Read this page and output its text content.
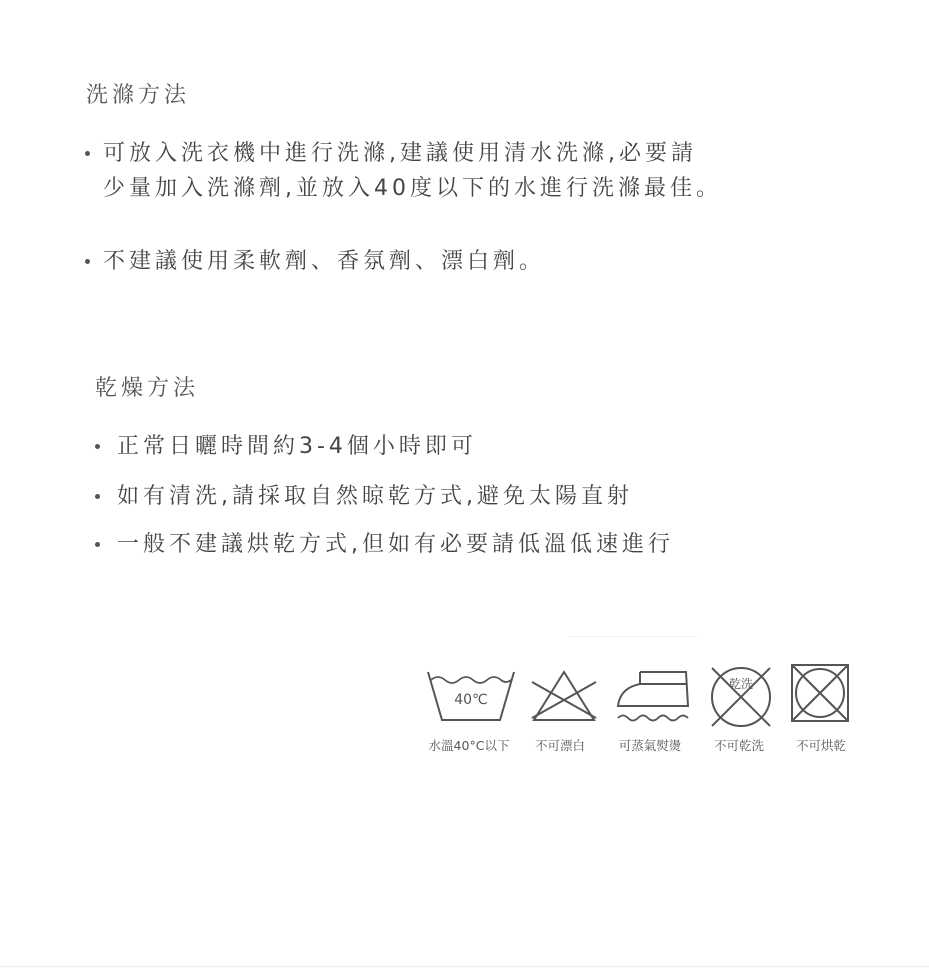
洗滌方法
可放入洗衣機中進行洗滌,建議使用清水洗滌,必要請
少量加入洗滌劑,並放入40度以下的水進行洗滌最佳。
不建議使用柔軟劑、香氛劑、漂白劑。
乾燥方法
正常日曬時間約3-4個小時即可
如有清洗,請採取自然晾乾方式,避免太陽直射
一般不建議烘乾方式,但如有必要請低溫低速進行
40℃
乾洗
水溫40°C以下 不可漂白	可蒸氣熨燙	不可乾洗	不可烘乾
